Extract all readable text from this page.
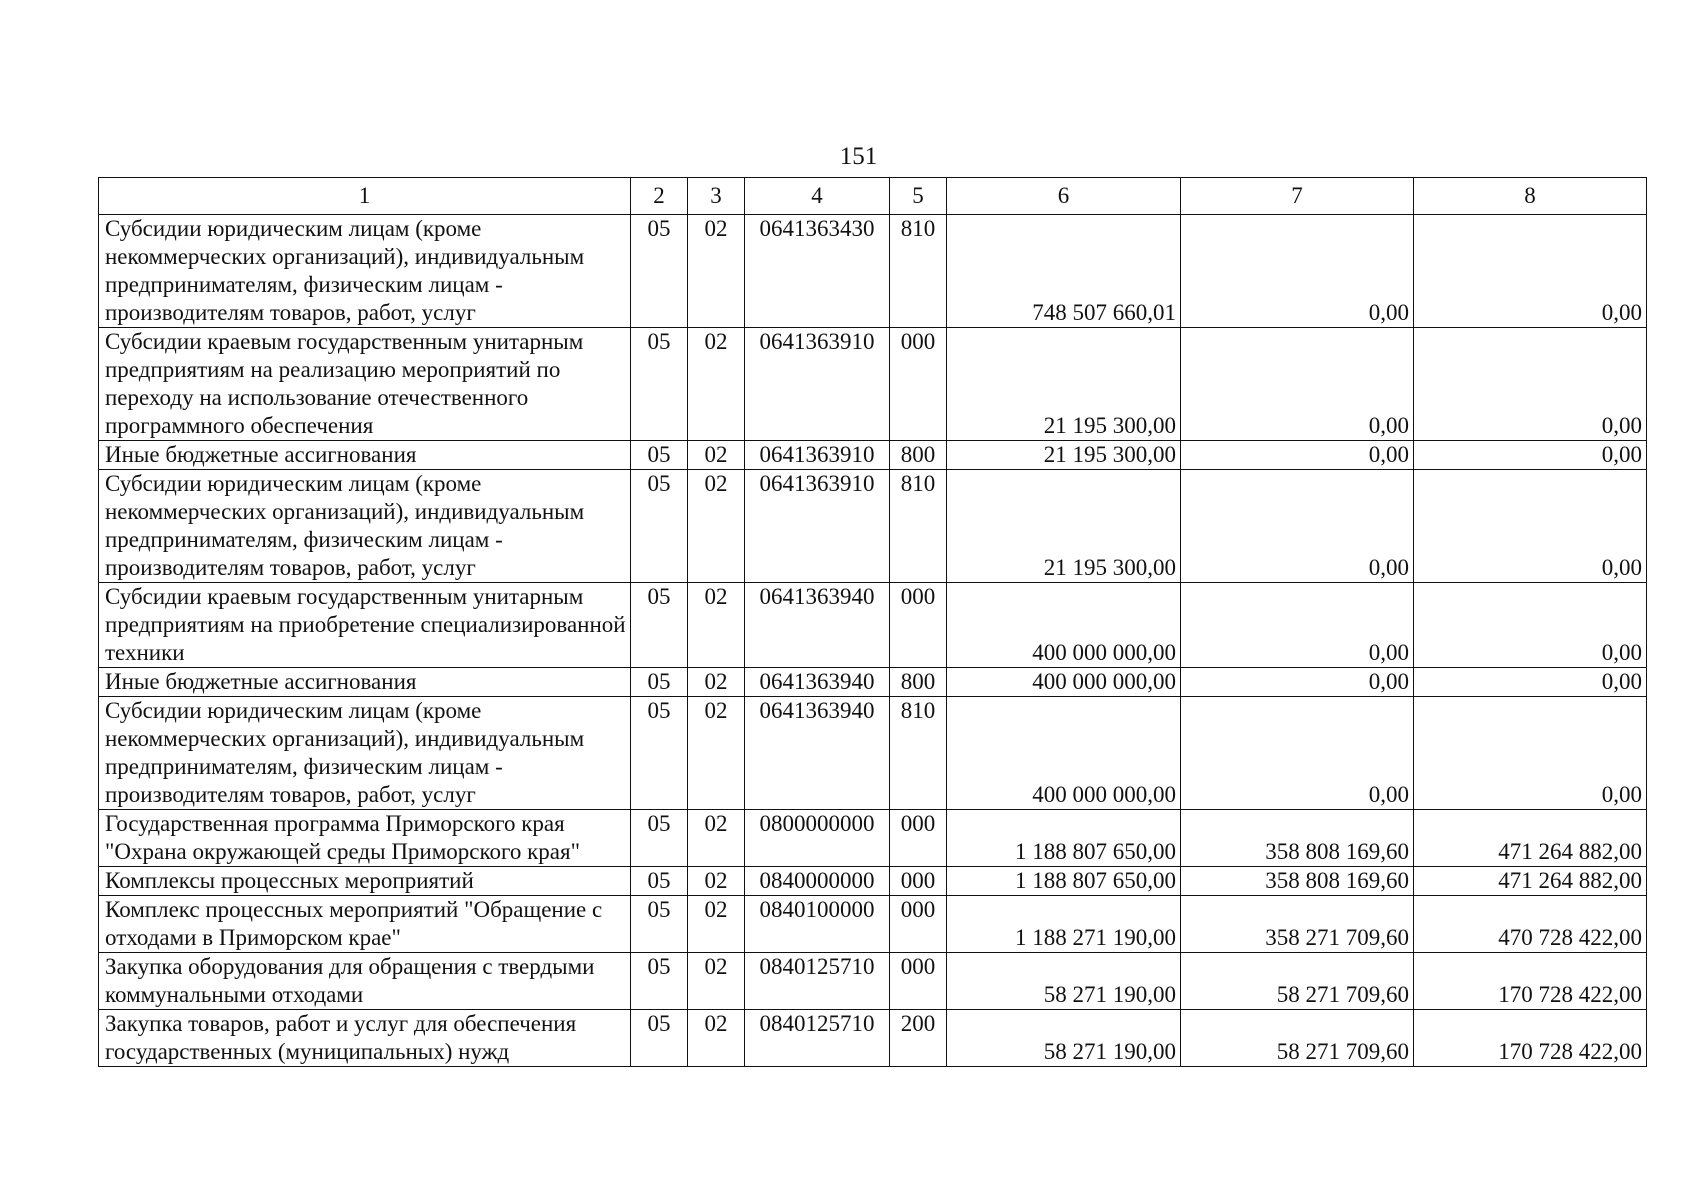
151
1	2	3	4	5	6	7	8
Субсидии юридическим лицам (кроме некоммерческих организаций), индивидуальным предпринимателям, физическим лицам - производителям товаров, работ, услуг	05	02	0641363430	810	748 507 660,01	0,00	0,00
Субсидии краевым государственным унитарным предприятиям на реализацию мероприятий по переходу на использование отечественного программного обеспечения	05	02	0641363910	000	21 195 300,00	0,00	0,00
Иные бюджетные ассигнования	05	02	0641363910	800	21 195 300,00	0,00	0,00
Субсидии юридическим лицам (кроме некоммерческих организаций), индивидуальным предпринимателям, физическим лицам - производителям товаров, работ, услуг	05	02	0641363910	810	21 195 300,00	0,00	0,00
Субсидии краевым государственным унитарным предприятиям на приобретение специализированной техники	05	02	0641363940	000	400 000 000,00	0,00	0,00
Иные бюджетные ассигнования	05	02	0641363940	800	400 000 000,00	0,00	0,00
Субсидии юридическим лицам (кроме некоммерческих организаций), индивидуальным предпринимателям, физическим лицам - производителям товаров, работ, услуг	05	02	0641363940	810	400 000 000,00	0,00	0,00
Государственная программа Приморского края "Охрана окружающей среды Приморского края"	05	02	0800000000	000	1 188 807 650,00	358 808 169,60	471 264 882,00
Комплексы процессных мероприятий	05	02	0840000000	000	1 188 807 650,00	358 808 169,60	471 264 882,00
Комплекс процессных мероприятий "Обращение с отходами в Приморском крае"	05	02	0840100000	000	1 188 271 190,00	358 271 709,60	470 728 422,00
Закупка оборудования для обращения с твердыми коммунальными отходами	05	02	0840125710	000	58 271 190,00	58 271 709,60	170 728 422,00
Закупка товаров, работ и услуг для обеспечения государственных (муниципальных) нужд	05	02	0840125710	200	58 271 190,00	58 271 709,60	170 728 422,00
